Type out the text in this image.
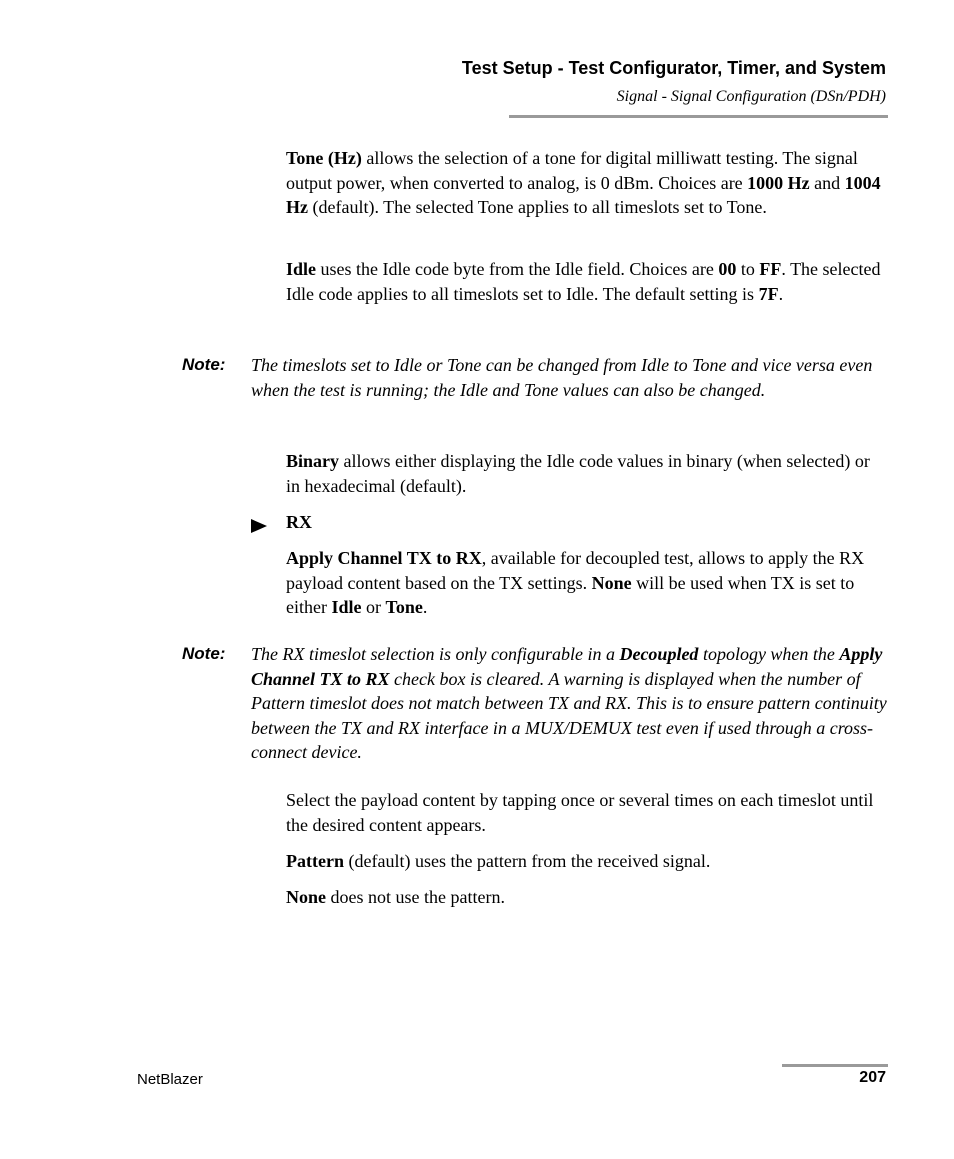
Test Setup - Test Configurator, Timer, and System
Signal - Signal Configuration (DSn/PDH)
Tone (Hz) allows the selection of a tone for digital milliwatt testing. The signal output power, when converted to analog, is 0 dBm. Choices are 1000 Hz and 1004 Hz (default). The selected Tone applies to all timeslots set to Tone.
Idle uses the Idle code byte from the Idle field. Choices are 00 to FF. The selected Idle code applies to all timeslots set to Idle. The default setting is 7F.
Note: The timeslots set to Idle or Tone can be changed from Idle to Tone and vice versa even when the test is running; the Idle and Tone values can also be changed.
Binary allows either displaying the Idle code values in binary (when selected) or in hexadecimal (default).
RX
Apply Channel TX to RX, available for decoupled test, allows to apply the RX payload content based on the TX settings. None will be used when TX is set to either Idle or Tone.
Note: The RX timeslot selection is only configurable in a Decoupled topology when the Apply Channel TX to RX check box is cleared. A warning is displayed when the number of Pattern timeslot does not match between TX and RX. This is to ensure pattern continuity between the TX and RX interface in a MUX/DEMUX test even if used through a cross-connect device.
Select the payload content by tapping once or several times on each timeslot until the desired content appears.
Pattern (default) uses the pattern from the received signal.
None does not use the pattern.
NetBlazer	207
